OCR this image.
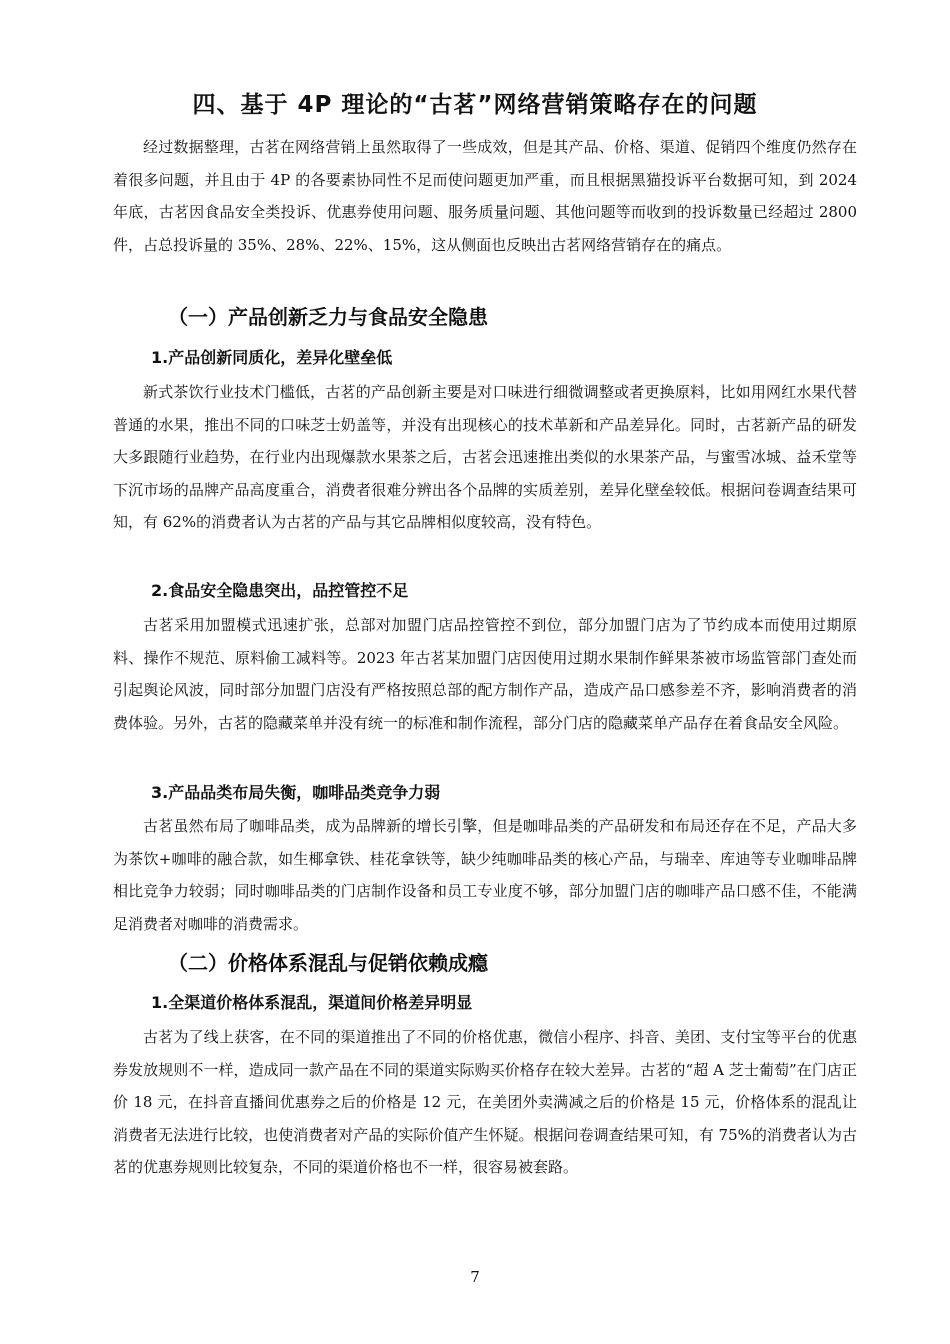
四、基于 4P 理论的“古茗”网络营销策略存在的问题

经过数据整理，古茗在网络营销上虽然取得了一些成效，但是其产品、价格、渠道、促销四个维度仍然存在着很多问题，并且由于 4P 的各要素协同性不足而使问题更加严重，而且根据黑猫投诉平台数据可知，到 2024 年底，古茗因食品安全类投诉、优惠券使用问题、服务质量问题、其他问题等而收到的投诉数量已经超过 2800 件，占总投诉量的 35%、28%、22%、15%，这从侧面也反映出古茗网络营销存在的痛点。

（一）产品创新乏力与食品安全隐患
1.产品创新同质化，差异化壁垒低

新式茶饮行业技术门槛低，古茗的产品创新主要是对口味进行细微调整或者更换原料，比如用网红水果代替普通的水果，推出不同的口味芝士奶盖等，并没有出现核心的技术革新和产品差异化。同时，古茗新产品的研发大多跟随行业趋势，在行业内出现爆款水果茶之后，古茗会迅速推出类似的水果茶产品，与蜜雪冰城、益禾堂等下沉市场的品牌产品高度重合，消费者很难分辨出各个品牌的实质差别，差异化壁垒较低。根据问卷调查结果可知，有 62%的消费者认为古茗的产品与其它品牌相似度较高，没有特色。

2.食品安全隐患突出，品控管控不足

古茗采用加盟模式迅速扩张，总部对加盟门店品控管控不到位，部分加盟门店为了节约成本而使用过期原料、操作不规范、原料偷工减料等。2023 年古茗某加盟门店因使用过期水果制作鲜果茶被市场监管部门查处而引起舆论风波，同时部分加盟门店没有严格按照总部的配方制作产品，造成产品口感参差不齐，影响消费者的消费体验。另外，古茗的隐藏菜单并没有统一的标准和制作流程，部分门店的隐藏菜单产品存在着食品安全风险。

3.产品品类布局失衡，咖啡品类竞争力弱

古茗虽然布局了咖啡品类，成为品牌新的增长引擎，但是咖啡品类的产品研发和布局还存在不足，产品大多为茶饮+咖啡的融合款，如生椰拿铁、桂花拿铁等，缺少纯咖啡品类的核心产品，与瑞幸、库迪等专业咖啡品牌相比竞争力较弱；同时咖啡品类的门店制作设备和员工专业度不够，部分加盟门店的咖啡产品口感不佳，不能满足消费者对咖啡的消费需求。

（二）价格体系混乱与促销依赖成瘾
1.全渠道价格体系混乱，渠道间价格差异明显

古茗为了线上获客，在不同的渠道推出了不同的价格优惠，微信小程序、抖音、美团、支付宝等平台的优惠券发放规则不一样，造成同一款产品在不同的渠道实际购买价格存在较大差异。古茗的“超 A 芝士葡萄”在门店正价 18 元，在抖音直播间优惠券之后的价格是 12 元，在美团外卖满减之后的价格是 15 元，价格体系的混乱让消费者无法进行比较，也使消费者对产品的实际价值产生怀疑。根据问卷调查结果可知，有 75%的消费者认为古茗的优惠券规则比较复杂，不同的渠道价格也不一样，很容易被套路。

7
